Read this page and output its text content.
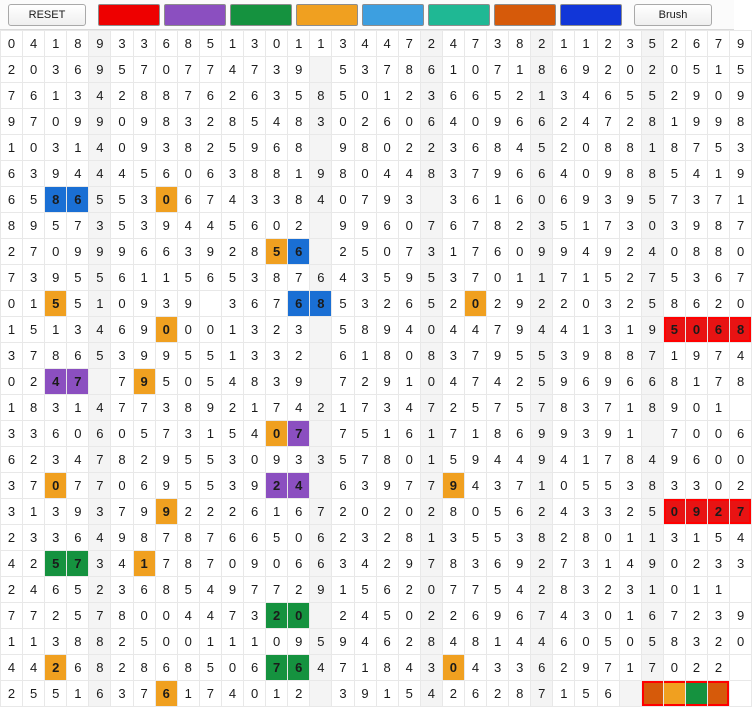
RESET	Brush
0	4	1	8	9	3	3	6	8	5	1	3	0	1	1	3	4	4	7	2	4	7	3	8	2	1	1	2	3	5	2	6	7	9
2	0	3	6	9	5	7	0	7	7	4	7	3	9		5	3	7	8	6	1	0	7	1	8	6	9	2	0	2	0	5	1	5
7	6	1	3	4	2	8	8	7	6	2	6	3	5	8	5	0	1	2	3	6	6	5	2	1	3	4	6	5	5	2	9	0	9
9	7	0	9	9	0	9	8	3	2	8	5	4	8	3	0	2	6	0	6	4	0	9	6	6	2	4	7	2	8	1	9	9	8
1	0	3	1	4	0	9	3	8	2	5	9	6	8		9	8	0	2	2	3	6	8	4	5	2	0	8	8	1	8	7	5	3
6	3	9	4	4	4	5	6	0	6	3	8	8	1	9	8	0	4	4	8	3	7	9	6	6	4	0	9	8	8	5	4	1	9
6	5	8	6	5	5	3	0	6	7	4	3	3	8	4	0	7	9	3		3	6	1	6	0	6	9	3	9	5	7	3	7	1
8	9	5	7	3	5	3	9	4	4	5	6	0	2		9	9	6	0	7	6	7	8	2	3	5	1	7	3	0	3	9	8	7
2	7	0	9	9	9	6	6	3	9	2	8	5	6		2	5	0	7	3	1	7	6	0	9	9	4	9	2	4	0	8	8	0
7	3	9	5	5	6	1	1	5	6	5	3	8	7	6	4	3	5	9	5	3	7	0	1	1	7	1	5	2	7	5	3	6	7
0	1	5	5	1	0	9	3	9		3	6	7	6	8	5	3	2	6	5	2	0	2	9	2	2	0	3	2	5	8	6	2	0
1	5	1	3	4	6	9	0	0	0	1	3	2	3		5	8	9	4	0	4	4	7	9	4	4	1	3	1	9	5	0	6	8
3	7	8	6	5	3	9	9	5	5	1	3	3	2		6	1	8	0	8	3	7	9	5	5	3	9	8	8	7	1	9	7	4
0	2	4	7		7	9	5	0	5	4	8	3	9		7	2	9	1	0	4	7	4	2	5	9	6	9	6	6	8	1	7	8
1	8	3	1	4	7	7	3	8	9	2	1	7	4	2	1	7	3	4	7	2	5	7	5	7	8	3	7	1	8	9	0	1	
3	3	6	0	6	0	5	7	3	1	5	4	0	7		7	5	1	6	1	7	1	8	6	9	9	3	9	1		7	0	0	6
6	2	3	4	7	8	2	9	5	5	3	0	9	3	3	5	7	8	0	1	5	9	4	4	9	4	1	7	8	4	9	6	0	0
3	7	0	7	7	0	6	9	5	5	3	9	2	4		6	3	9	7	7	9	4	3	7	1	0	5	5	3	8	3	3	0	2
3	1	3	9	3	7	9	9	2	2	2	6	1	6	7	2	0	2	0	2	8	0	5	6	2	4	3	3	2	5	0	9	2	7
2	3	3	6	4	9	8	7	8	7	6	6	5	0	6	2	3	2	8	1	3	5	5	3	8	2	8	0	1	1	3	1	5	4
4	2	5	7	3	4	1	7	8	7	0	9	0	6	6	3	4	2	9	7	8	3	6	9	2	7	3	1	4	9	0	2	3	3
2	4	6	5	2	3	6	8	5	4	9	7	7	2	9	1	5	6	2	0	7	7	5	4	2	8	3	2	3	1	0	1	1	
7	7	2	5	7	8	0	0	4	4	7	3	2	0		2	4	5	0	2	2	6	9	6	7	4	3	0	1	6	7	2	3	9
1	1	3	8	8	2	5	0	0	1	1	1	0	9	5	9	4	6	2	8	4	8	1	4	4	6	0	5	0	5	8	3	2	0
4	4	2	6	8	2	8	6	8	5	0	6	7	6	4	7	1	8	4	3	0	4	3	3	6	2	9	7	1	7	0	2	2	
2	5	5	1	6	3	7	6	1	7	4	0	1	2		3	9	1	5	4	2	6	2	8	7	1	5	6						
